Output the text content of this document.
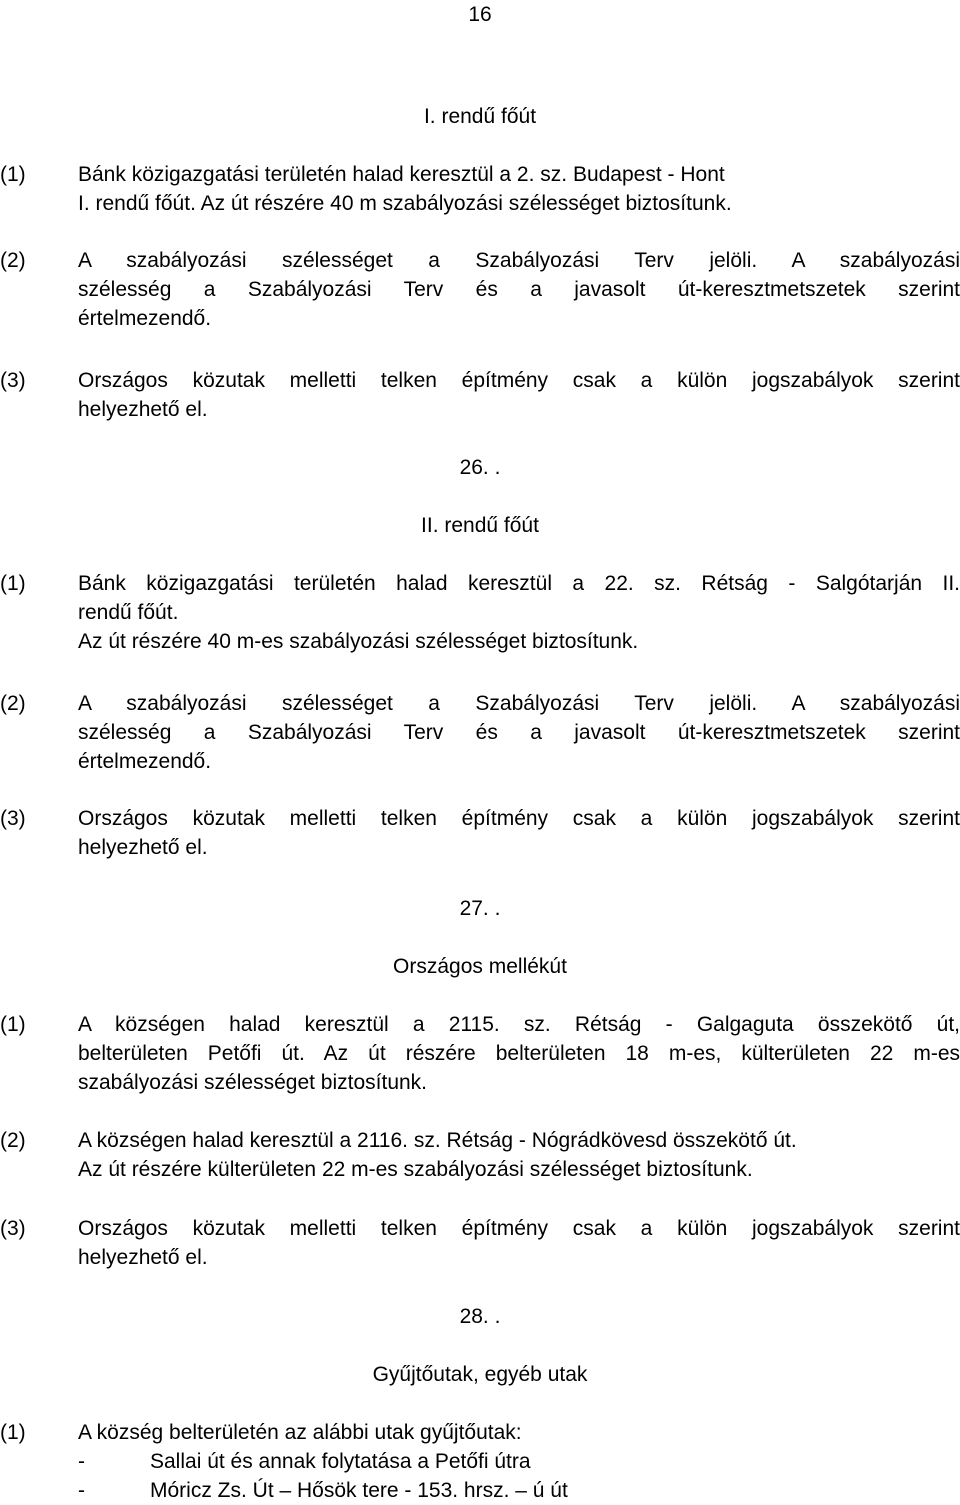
16
I. rendű főút
(1) Bánk közigazgatási területén halad keresztül a 2. sz. Budapest - Hont
I. rendű főút. Az út részére 40 m szabályozási szélességet biztosítunk.
(2) A szabályozási szélességet a Szabályozási Terv jelöli. A szabályozási
szélesség a Szabályozási Terv és a javasolt út-keresztmetszetek szerint
értelmezendő.
(3) Országos közutak melletti telken építmény csak a külön jogszabályok szerint
helyezhető el.
26. .
II. rendű főút
(1) Bánk közigazgatási területén halad keresztül a 22. sz. Rétság - Salgótarján II.
rendű főút.
Az út részére 40 m-es szabályozási szélességet biztosítunk.
(2) A szabályozási szélességet a Szabályozási Terv jelöli. A szabályozási
szélesség a Szabályozási Terv és a javasolt út-keresztmetszetek szerint
értelmezendő.
(3) Országos közutak melletti telken építmény csak a külön jogszabályok szerint
helyezhető el.
27. .
Országos mellékút
(1) A községen halad keresztül a 2115. sz. Rétság - Galgaguta összekötő út,
belterületen Petőfi út. Az út részére belterületen 18 m-es, külterületen 22 m-es
szabályozási szélességet biztosítunk.
(2) A községen halad keresztül a 2116. sz. Rétság - Nógrádkövesd összekötő út.
Az út részére külterületen 22 m-es szabályozási szélességet biztosítunk.
(3) Országos közutak melletti telken építmény csak a külön jogszabályok szerint
helyezhető el.
28. .
Gyűjtőutak, egyéb utak
(1) A község belterületén az alábbi utak gyűjtőutak:
-	Sallai út és annak folytatása a Petőfi útra
-	Móricz Zs. Út – Hősök tere - 153. hrsz. – ú út
